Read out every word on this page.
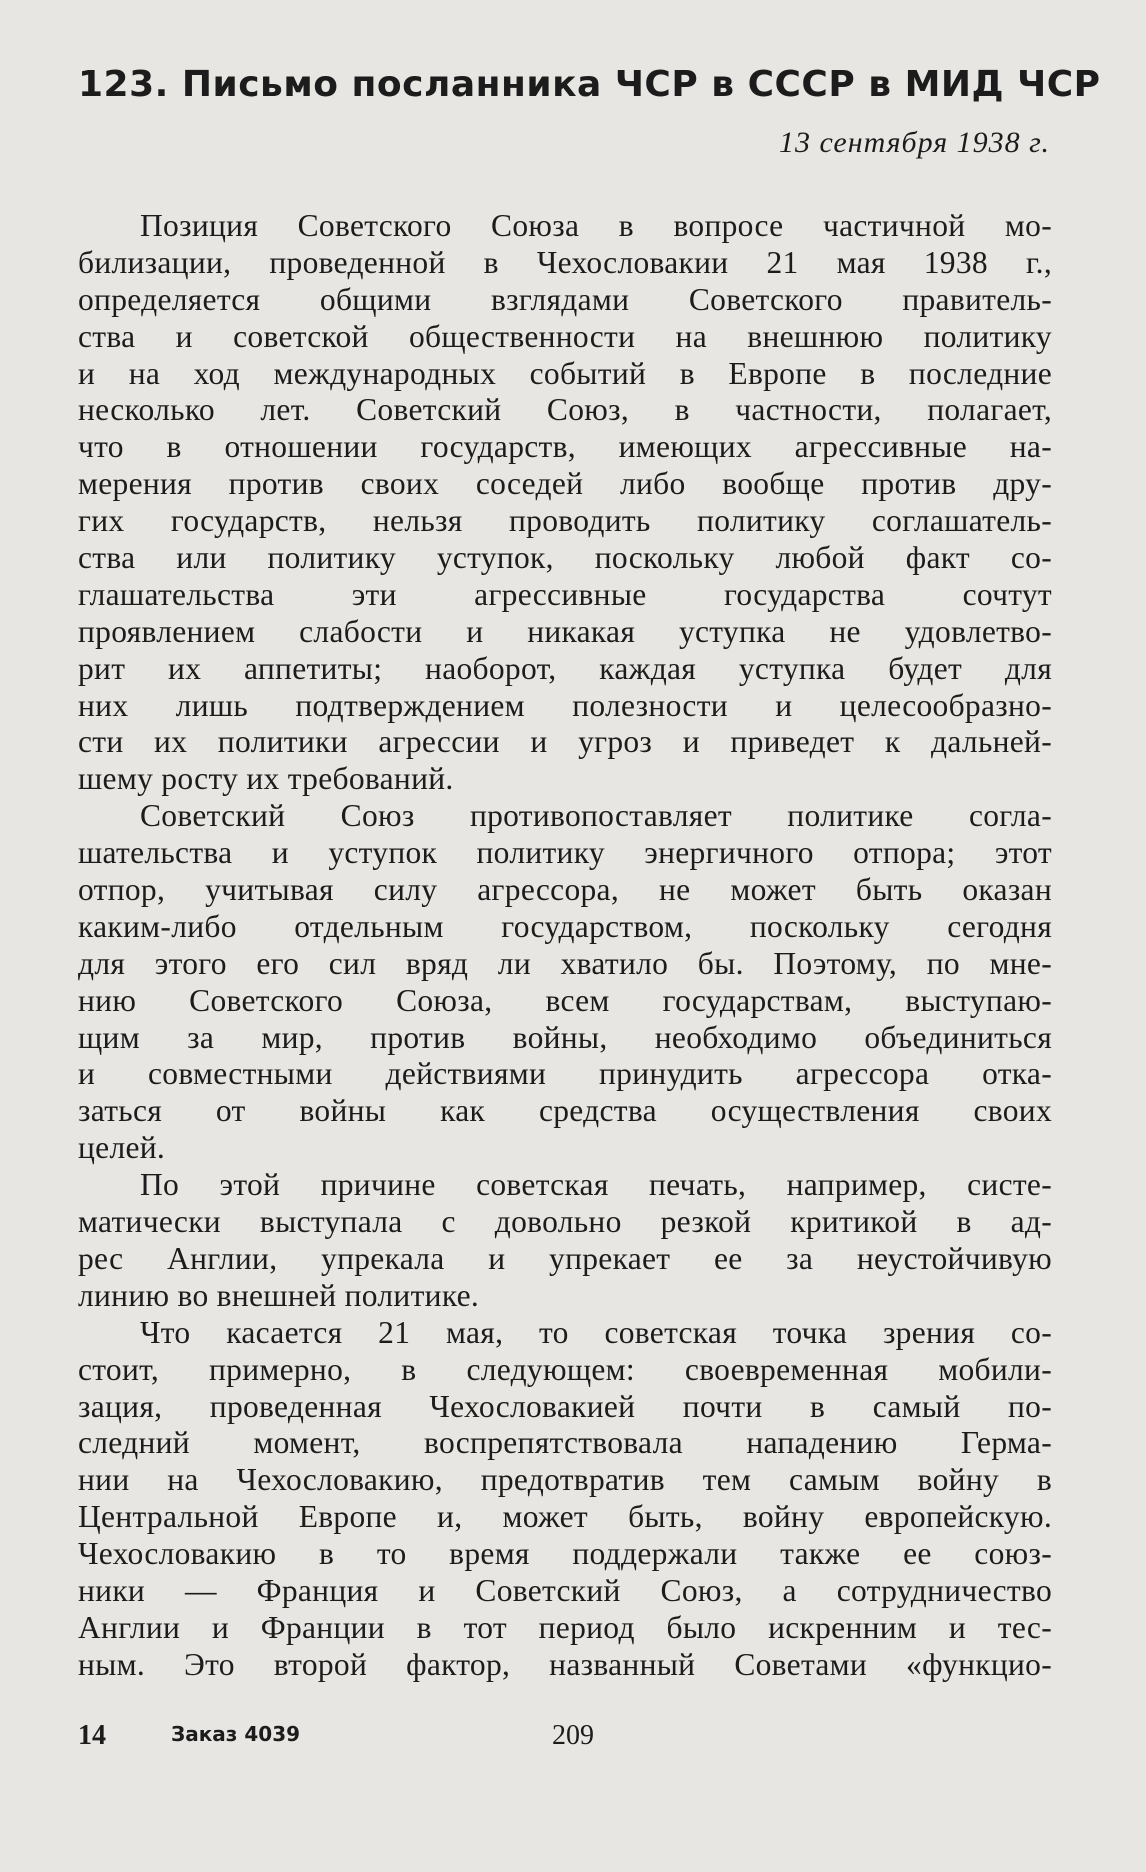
123. Письмо посланника ЧСР в СССР в МИД ЧСР
13 сентября 1938 г.
Позиция Советского Союза в вопросе частичной мо-
билизации, проведенной в Чехословакии 21 мая 1938 г.,
определяется общими взглядами Советского правитель-
ства и советской общественности на внешнюю политику
и на ход международных событий в Европе в последние
несколько лет. Советский Союз, в частности, полагает,
что в отношении государств, имеющих агрессивные на-
мерения против своих соседей либо вообще против дру-
гих государств, нельзя проводить политику соглашатель-
ства или политику уступок, поскольку любой факт со-
глашательства эти агрессивные государства сочтут
проявлением слабости и никакая уступка не удовлетво-
рит их аппетиты; наоборот, каждая уступка будет для
них лишь подтверждением полезности и целесообразно-
сти их политики агрессии и угроз и приведет к дальней-
шему росту их требований.
Советский Союз противопоставляет политике согла-
шательства и уступок политику энергичного отпора; этот
отпор, учитывая силу агрессора, не может быть оказан
каким-либо отдельным государством, поскольку сегодня
для этого его сил вряд ли хватило бы. Поэтому, по мне-
нию Советского Союза, всем государствам, выступаю-
щим за мир, против войны, необходимо объединиться
и совместными действиями принудить агрессора отка-
заться от войны как средства осуществления своих
целей.
По этой причине советская печать, например, систе-
матически выступала с довольно резкой критикой в ад-
рес Англии, упрекала и упрекает ее за неустойчивую
линию во внешней политике.
Что касается 21 мая, то советская точка зрения со-
стоит, примерно, в следующем: своевременная мобили-
зация, проведенная Чехословакией почти в самый по-
следний момент, воспрепятствовала нападению Герма-
нии на Чехословакию, предотвратив тем самым войну в
Центральной Европе и, может быть, войну европейскую.
Чехословакию в то время поддержали также ее союз-
ники — Франция и Советский Союз, а сотрудничество
Англии и Франции в тот период было искренним и тес-
ным. Это второй фактор, названный Советами «функцио-
14	Заказ 4039	209
